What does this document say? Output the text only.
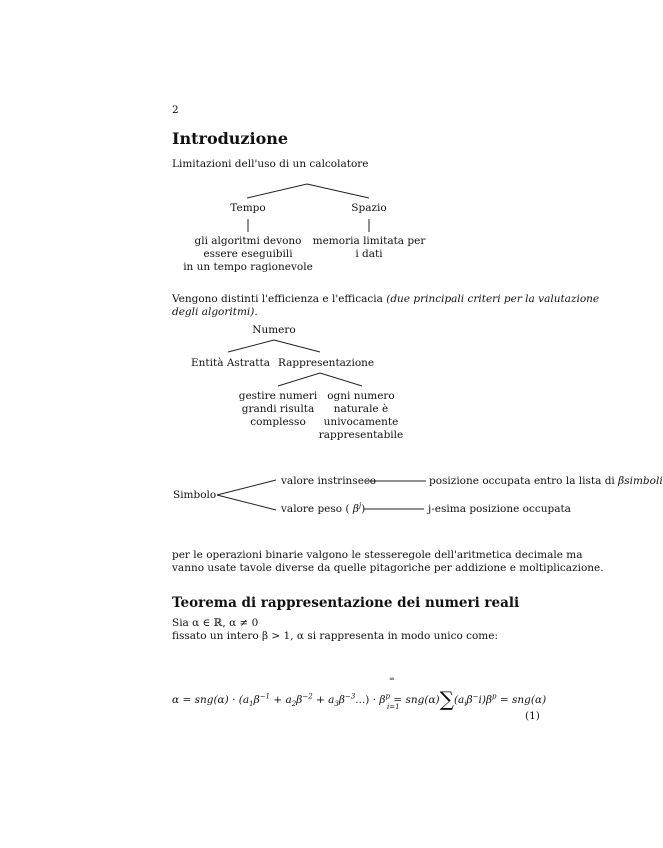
2
Introduzione
Limitazioni dell'uso di un calcolatore
Tempo	Spazio
gli algoritmi devono
essere eseguibili
in un tempo ragionevole
memoria limitata per
i dati
Vengono distinti l'efficienza e l'efficacia (due principali criteri per la valutazione
degli algoritmi).
Numero
Entità Astratta Rappresentazione
gestire numeri
grandi risulta
complesso
ogni numero
naturale è
univocamente
rappresentabile
Simbolo
valore instrinseco	posizione occupata entro la lista di βsimboli
valore peso ( $\beta^j$)	j-esima posizione occupata
per le operazioni binarie valgono le stesseregole dell'aritmetica decimale ma
vanno usate tavole diverse da quelle pitagoriche per addizione e moltiplicazione.
Teorema di rappresentazione dei numeri reali
Sia α ∈ ℝ, α ≠ 0
fissato un intero β > 1, α si rappresenta in modo unico come:
$\alpha = sng(\alpha) \cdot (a_1\beta^{-1} + a_2\beta^{-2} + a_3\beta^{-3}...) \cdot \beta^p = sng(\alpha)\sum(a_i\beta^-i)\beta^p = sng(\alpha)$
∞
i=1
(1)
